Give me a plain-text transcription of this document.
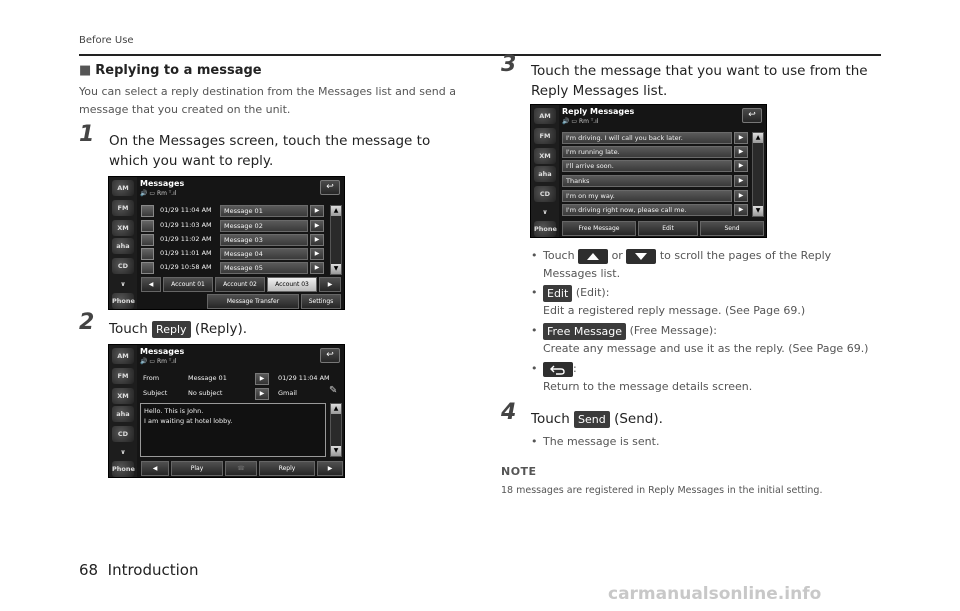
Before Use
■ Replying to a message
You can select a reply destination from the Messages list and send a message that you created on the unit.
1 On the Messages screen, touch the message to which you want to reply.
AM
FM
XM
aha
CD
∨
Phone
Messages
🔊 ▭ Rm ᵀ.ıl
↩
01/29 11:04 AM	Message 01	▶
01/29 11:03 AM	Message 02	▶
01/29 11:02 AM	Message 03	▶
01/29 11:01 AM	Message 04	▶
01/29 10:58 AM	Message 05	▶
▲
▼
◀	Account 01	Account 02	Account 03	▶
Message Transfer	Settings
2 Touch Reply (Reply).
AM
FM
XM
aha
CD
∨
Phone
Messages
🔊 ▭ Rm ᵀ.ıl
↩
From	Message 01	▶	01/29 11:04 AM
Subject	No subject	▶	Gmail	✎
Hello. This is John.
I am waiting at hotel lobby.
▲
▼
◀	Play	☎	Reply	▶
3 Touch the message that you want to use from the Reply Messages list.
AM
FM
XM
aha
CD
∨
Phone
Reply Messages
🔊 ▭ Rm ᵀ.ıl
↩
I'm driving. I will call you back later.	▶
I'm running late.	▶
I'll arrive soon.	▶
Thanks	▶
I'm on my way.	▶
I'm driving right now, please call me.	▶
▲
▼
Free Message	Edit	Send
• Touch	or	to scroll the pages of the Reply Messages list.
• Edit (Edit):
Edit a registered reply message. (See Page 69.)
• Free Message (Free Message):
Create any message and use it as the reply. (See Page 69.)
•	:
Return to the message details screen.
4 Touch Send (Send).
• The message is sent.
NOTE
18 messages are registered in Reply Messages in the initial setting.
68 Introduction
carmanualsonline.info
